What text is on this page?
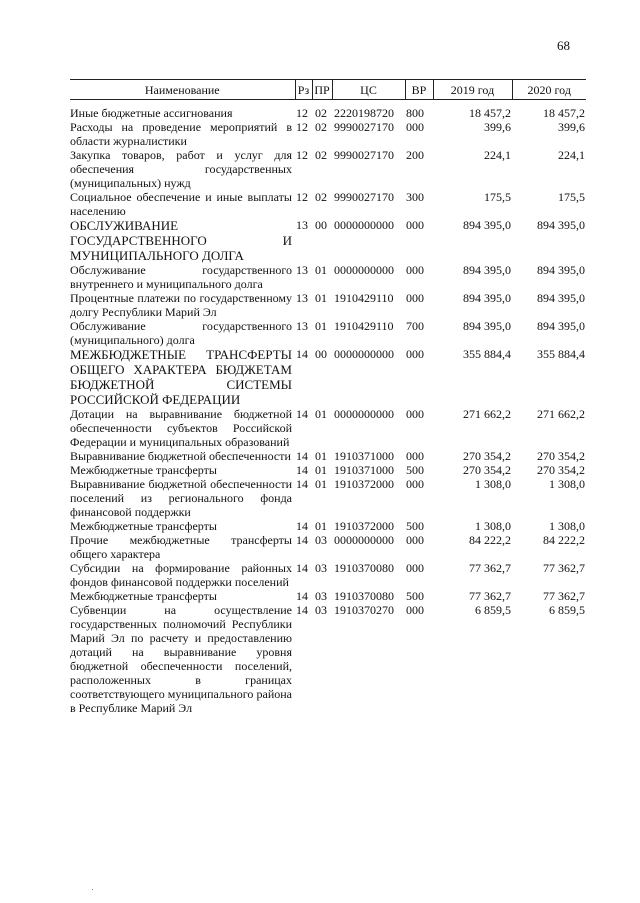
68
Наименование	Рз	ПР	ЦС	ВР	2019 год	2020 год
Иные бюджетные ассигнования	12	02	2220198720	800	18 457,2	18 457,2
Расходы на проведение мероприятий в области журналистики	12	02	9990027170	000	399,6	399,6
Закупка товаров, работ и услуг для обеспечения государственных (муниципальных) нужд	12	02	9990027170	200	224,1	224,1
Социальное обеспечение и иные выплаты населению	12	02	9990027170	300	175,5	175,5
ОБСЛУЖИВАНИЕ ГОСУДАРСТВЕННОГО И МУНИЦИПАЛЬНОГО ДОЛГА	13	00	0000000000	000	894 395,0	894 395,0
Обслуживание государственного внутреннего и муниципального долга	13	01	0000000000	000	894 395,0	894 395,0
Процентные платежи по государственному долгу Республики Марий Эл	13	01	1910429110	000	894 395,0	894 395,0
Обслуживание государственного (муниципального) долга	13	01	1910429110	700	894 395,0	894 395,0
МЕЖБЮДЖЕТНЫЕ ТРАНСФЕРТЫ ОБЩЕГО ХАРАКТЕРА БЮДЖЕТАМ БЮДЖЕТНОЙ СИСТЕМЫ РОССИЙСКОЙ ФЕДЕРАЦИИ	14	00	0000000000	000	355 884,4	355 884,4
Дотации на выравнивание бюджетной обеспеченности субъектов Российской Федерации и муниципальных образований	14	01	0000000000	000	271 662,2	271 662,2
Выравнивание бюджетной обеспеченности	14	01	1910371000	000	270 354,2	270 354,2
Межбюджетные трансферты	14	01	1910371000	500	270 354,2	270 354,2
Выравнивание бюджетной обеспеченности поселений из регионального фонда финансовой поддержки	14	01	1910372000	000	1 308,0	1 308,0
Межбюджетные трансферты	14	01	1910372000	500	1 308,0	1 308,0
Прочие межбюджетные трансферты общего характера	14	03	0000000000	000	84 222,2	84 222,2
Субсидии на формирование районных фондов финансовой поддержки поселений	14	03	1910370080	000	77 362,7	77 362,7
Межбюджетные трансферты	14	03	1910370080	500	77 362,7	77 362,7
Субвенции на осуществление государственных полномочий Республики Марий Эл по расчету и предоставлению дотаций на выравнивание уровня бюджетной обеспеченности поселений, расположенных в границах соответствующего муниципального района в Республике Марий Эл	14	03	1910370270	000	6 859,5	6 859,5
